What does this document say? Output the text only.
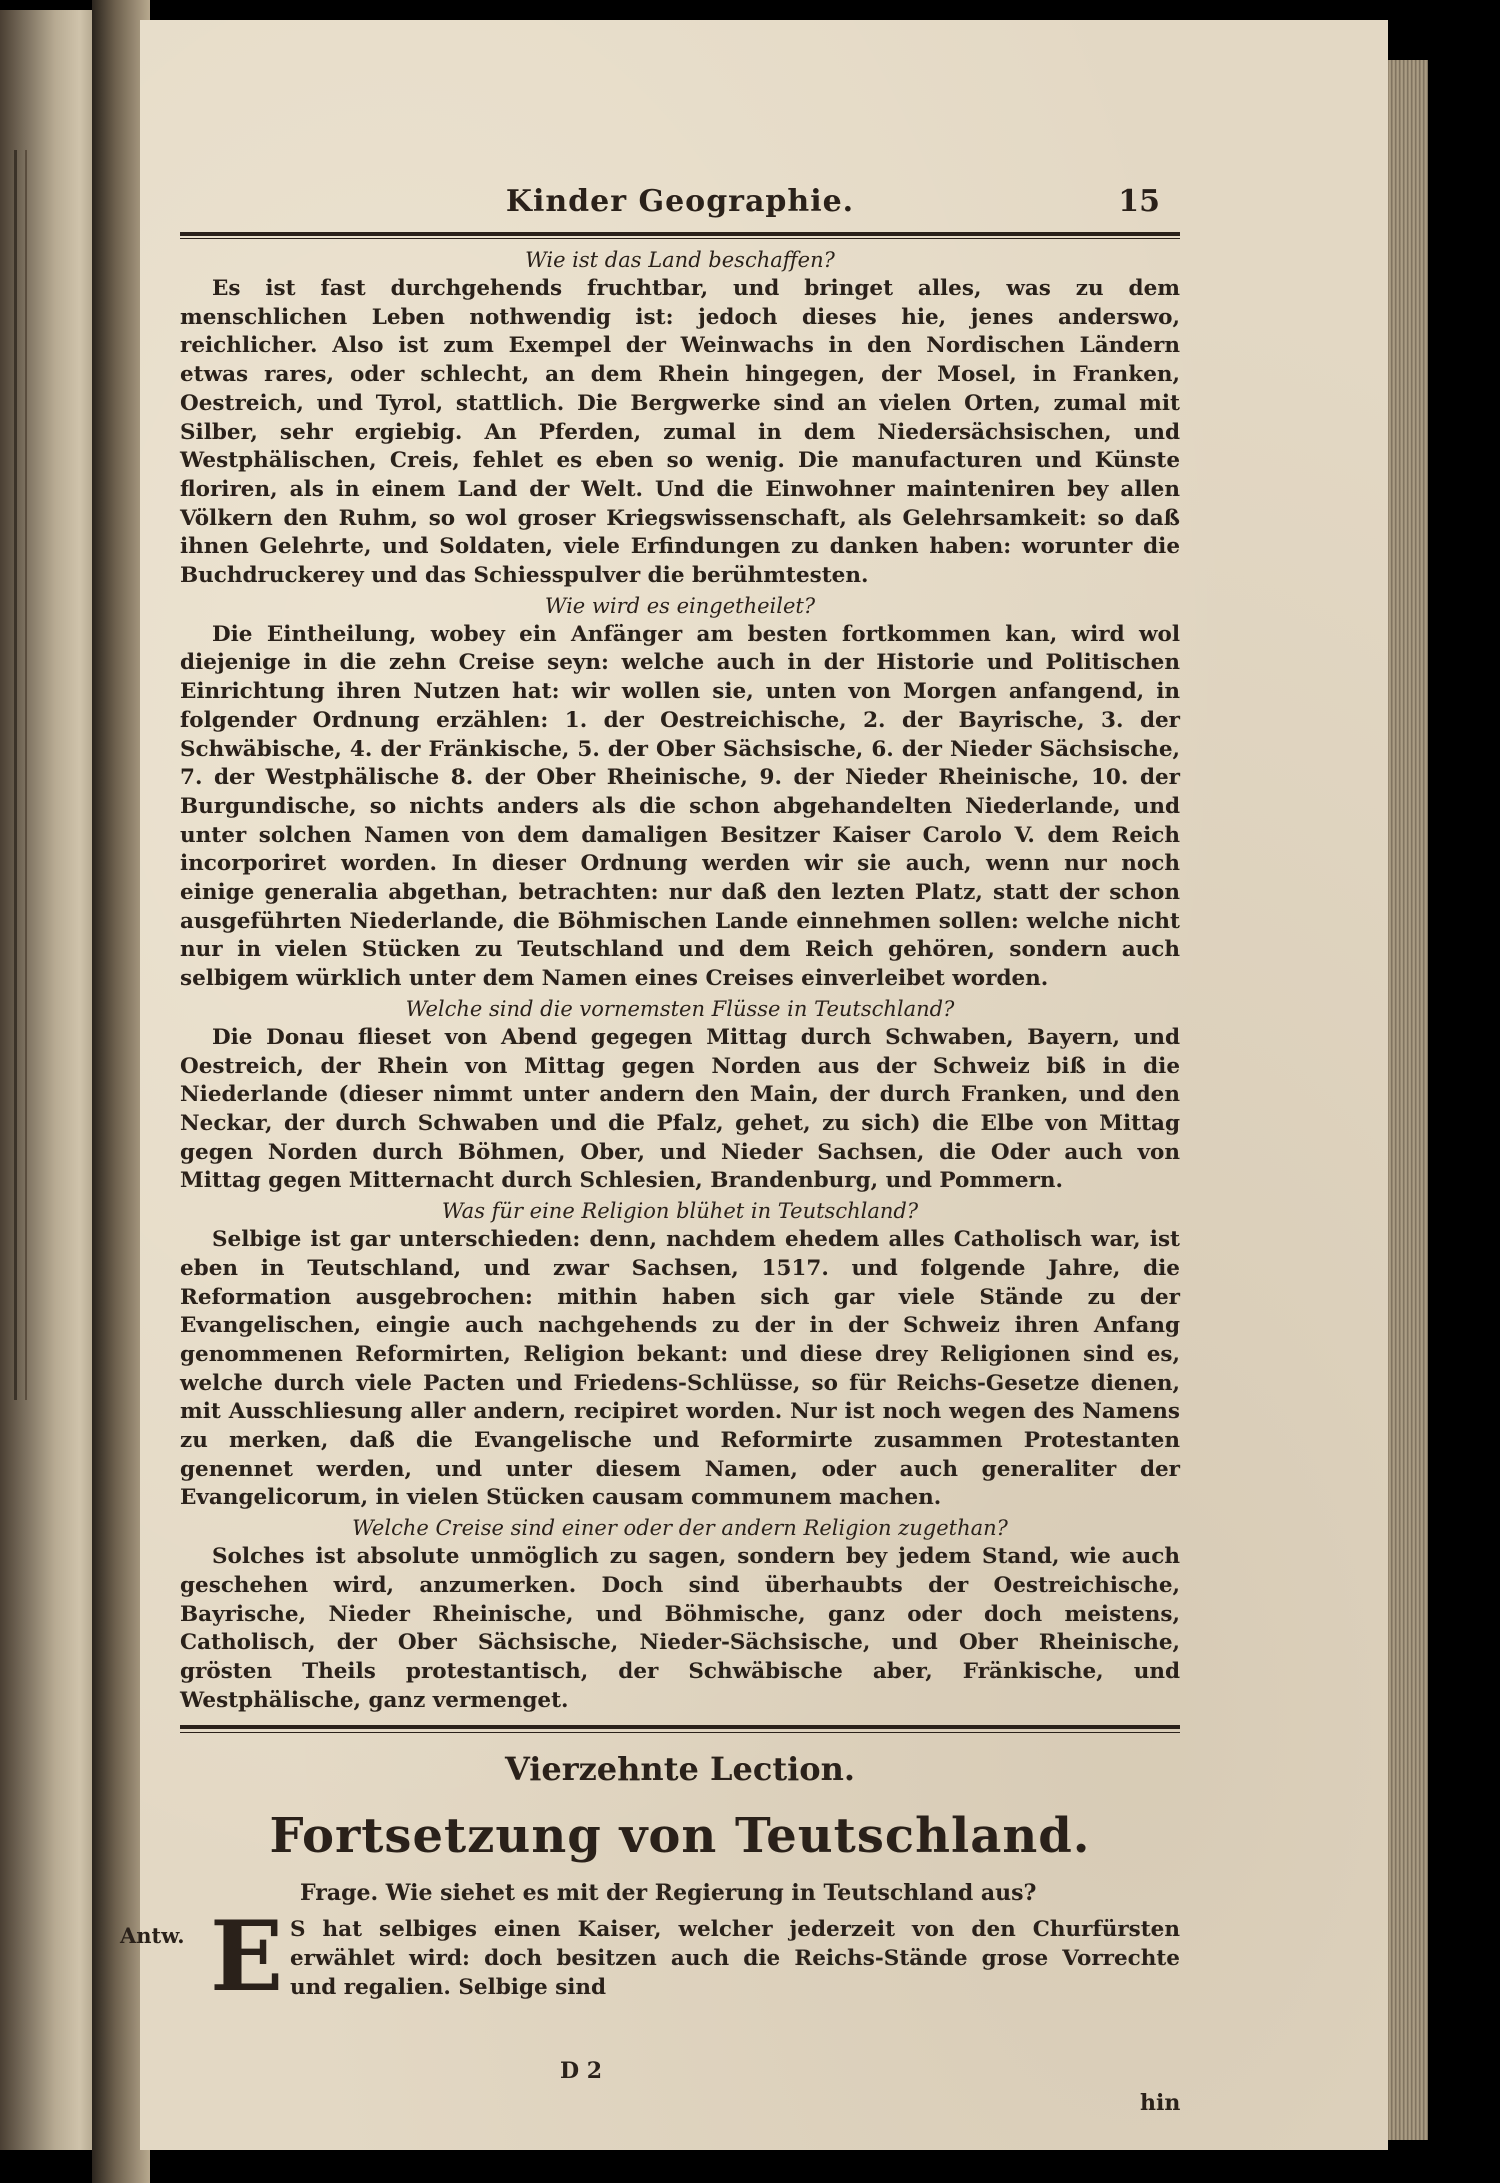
Kinder Geographie.	15

Wie ist das Land beschaffen?

Es ist fast durchgehends fruchtbar, und bringet alles, was zu dem menschlichen Leben nothwendig ist: jedoch dieses hie, jenes anderswo, reichlicher. Also ist zum Exempel der Weinwachs in den Nordischen Ländern etwas rares, oder schlecht, an dem Rhein hingegen, der Mosel, in Franken, Oestreich, und Tyrol, stattlich. Die Bergwerke sind an vielen Orten, zumal mit Silber, sehr ergiebig. An Pferden, zumal in dem Niedersächsischen, und Westphälischen, Creis, fehlet es eben so wenig. Die manufacturen und Künste floriren, als in einem Land der Welt. Und die Einwohner mainteniren bey allen Völkern den Ruhm, so wol groser Kriegswissenschaft, als Gelehrsamkeit: so daß ihnen Gelehrte, und Soldaten, viele Erfindungen zu danken haben: worunter die Buchdruckerey und das Schiesspulver die berühmtesten.

Wie wird es eingetheilet?

Die Eintheilung, wobey ein Anfänger am besten fortkommen kan, wird wol diejenige in die zehn Creise seyn: welche auch in der Historie und Politischen Einrichtung ihren Nutzen hat: wir wollen sie, unten von Morgen anfangend, in folgender Ordnung erzählen: 1. der Oestreichische, 2. der Bayrische, 3. der Schwäbische, 4. der Fränkische, 5. der Ober Sächsische, 6. der Nieder Sächsische, 7. der Westphälische 8. der Ober Rheinische, 9. der Nieder Rheinische, 10. der Burgundische, so nichts anders als die schon abgehandelten Niederlande, und unter solchen Namen von dem damaligen Besitzer Kaiser Carolo V. dem Reich incorporiret worden. In dieser Ordnung werden wir sie auch, wenn nur noch einige generalia abgethan, betrachten: nur daß den lezten Platz, statt der schon ausgeführten Niederlande, die Böhmischen Lande einnehmen sollen: welche nicht nur in vielen Stücken zu Teutschland und dem Reich gehören, sondern auch selbigem würklich unter dem Namen eines Creises einverleibet worden.

Welche sind die vornemsten Flüsse in Teutschland?

Die Donau flieset von Abend gegegen Mittag durch Schwaben, Bayern, und Oestreich, der Rhein von Mittag gegen Norden aus der Schweiz biß in die Niederlande (dieser nimmt unter andern den Main, der durch Franken, und den Neckar, der durch Schwaben und die Pfalz, gehet, zu sich) die Elbe von Mittag gegen Norden durch Böhmen, Ober, und Nieder Sachsen, die Oder auch von Mittag gegen Mitternacht durch Schlesien, Brandenburg, und Pommern.

Was für eine Religion blühet in Teutschland?

Selbige ist gar unterschieden: denn, nachdem ehedem alles Catholisch war, ist eben in Teutschland, und zwar Sachsen, 1517. und folgende Jahre, die Reformation ausgebrochen: mithin haben sich gar viele Stände zu der Evangelischen, eingie auch nachgehends zu der in der Schweiz ihren Anfang genommenen Reformirten, Religion bekant: und diese drey Religionen sind es, welche durch viele Pacten und Friedens-Schlüsse, so für Reichs-Gesetze dienen, mit Ausschliesung aller andern, recipiret worden. Nur ist noch wegen des Namens zu merken, daß die Evangelische und Reformirte zusammen Protestanten genennet werden, und unter diesem Namen, oder auch generaliter der Evangelicorum, in vielen Stücken causam communem machen.

Welche Creise sind einer oder der andern Religion zugethan?

Solches ist absolute unmöglich zu sagen, sondern bey jedem Stand, wie auch geschehen wird, anzumerken. Doch sind überhaubts der Oestreichische, Bayrische, Nieder Rheinische, und Böhmische, ganz oder doch meistens, Catholisch, der Ober Sächsische, Nieder-Sächsische, und Ober Rheinische, grösten Theils protestantisch, der Schwäbische aber, Fränkische, und Westphälische, ganz vermenget.

Vierzehnte Lection.

Fortsetzung von Teutschland.

Frage. Wie siehet es mit der Regierung in Teutschland aus?
Antw. E S hat selbiges einen Kaiser, welcher jederzeit von den Churfürsten erwählet wird: doch besitzen auch die Reichs-Stände grose Vorrechte und regalien. Selbige sind
D 2
hin
